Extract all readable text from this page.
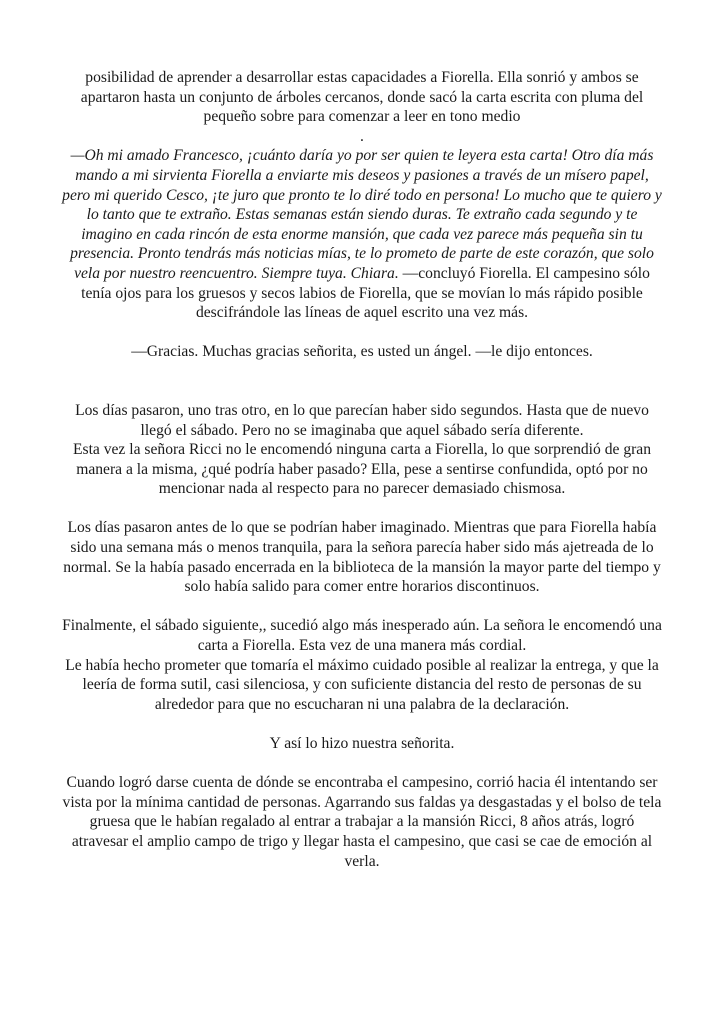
posibilidad de aprender a desarrollar estas capacidades a Fiorella. Ella sonrió y ambos se apartaron hasta un conjunto de árboles cercanos, donde sacó la carta escrita con pluma del pequeño sobre para comenzar a leer en tono medio

.

—Oh mi amado Francesco, ¡cuánto daría yo por ser quien te leyera esta carta! Otro día más mando a mi sirvienta Fiorella a enviarte mis deseos y pasiones a través de un mísero papel, pero mi querido Cesco, ¡te juro que pronto te lo diré todo en persona! Lo mucho que te quiero y lo tanto que te extraño. Estas semanas están siendo duras. Te extraño cada segundo y te imagino en cada rincón de esta enorme mansión, que cada vez parece más pequeña sin tu presencia. Pronto tendrás más noticias mías, te lo prometo de parte de este corazón, que solo vela por nuestro reencuentro. Siempre tuya. Chiara. —concluyó Fiorella. El campesino sólo tenía ojos para los gruesos y secos labios de Fiorella, que se movían lo más rápido posible descifrándole las líneas de aquel escrito una vez más.

—Gracias. Muchas gracias señorita, es usted un ángel. —le dijo entonces.

Los días pasaron, uno tras otro, en lo que parecían haber sido segundos. Hasta que de nuevo llegó el sábado. Pero no se imaginaba que aquel sábado sería diferente.

Esta vez la señora Ricci no le encomendó ninguna carta a Fiorella, lo que sorprendió de gran manera a la misma, ¿qué podría haber pasado? Ella, pese a sentirse confundida, optó por no mencionar nada al respecto para no parecer demasiado chismosa.

Los días pasaron antes de lo que se podrían haber imaginado. Mientras que para Fiorella había sido una semana más o menos tranquila, para la señora parecía haber sido más ajetreada de lo normal. Se la había pasado encerrada en la biblioteca de la mansión la mayor parte del tiempo y solo había salido para comer entre horarios discontinuos.

Finalmente, el sábado siguiente,, sucedió algo más inesperado aún. La señora le encomendó una carta a Fiorella. Esta vez de una manera más cordial.

Le había hecho prometer que tomaría el máximo cuidado posible al realizar la entrega, y que la leería de forma sutil, casi silenciosa, y con suficiente distancia del resto de personas de su alrededor para que no escucharan ni una palabra de la declaración.

Y así lo hizo nuestra señorita.

Cuando logró darse cuenta de dónde se encontraba el campesino, corrió hacia él intentando ser vista por la mínima cantidad de personas. Agarrando sus faldas ya desgastadas y el bolso de tela gruesa que le habían regalado al entrar a trabajar a la mansión Ricci, 8 años atrás, logró atravesar el amplio campo de trigo y llegar hasta el campesino, que casi se cae de emoción al verla.
